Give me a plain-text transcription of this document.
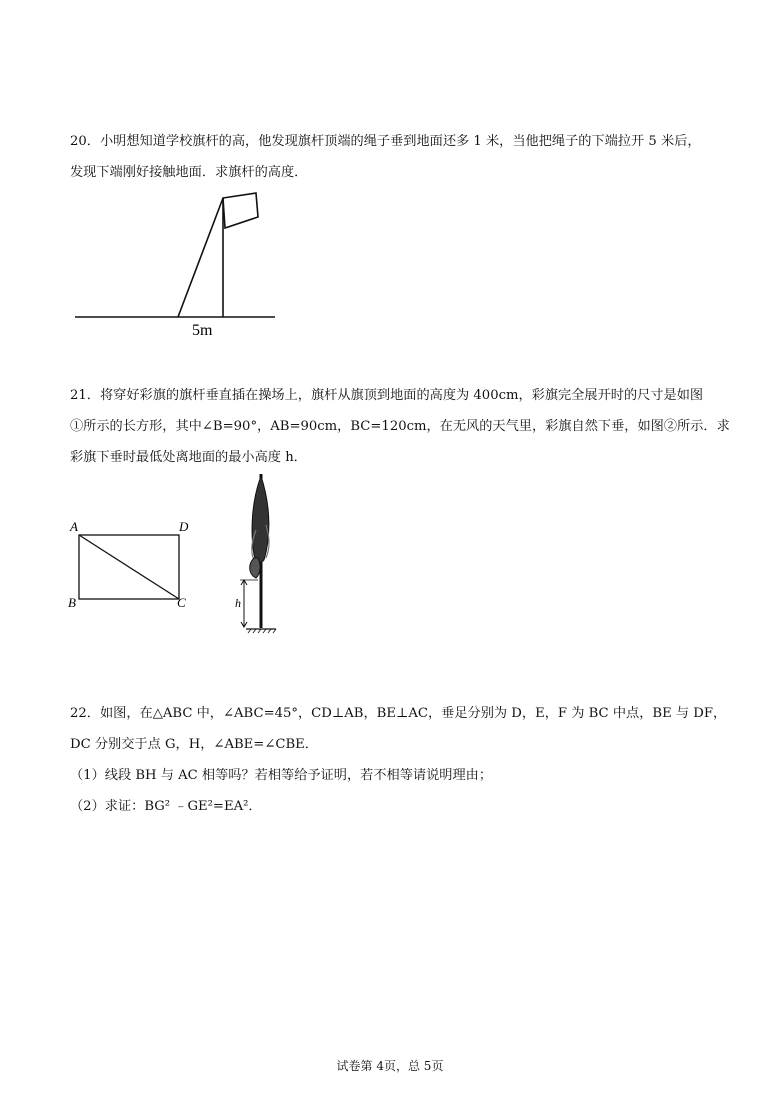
20．小明想知道学校旗杆的高，他发现旗杆顶端的绳子垂到地面还多 1 米，当他把绳子的下端拉开 5 米后，
发现下端刚好接触地面．求旗杆的高度．
5m
21．将穿好彩旗的旗杆垂直插在操场上，旗杆从旗顶到地面的高度为 400cm，彩旗完全展开时的尺寸是如图
①所示的长方形，其中∠B=90°，AB=90cm，BC=120cm，在无风的天气里，彩旗自然下垂，如图②所示．求
彩旗下垂时最低处离地面的最小高度 h．
A	D
B	C	h
22．如图，在△ABC 中，∠ABC=45°，CD⊥AB，BE⊥AC，垂足分别为 D，E，F 为 BC 中点，BE 与 DF，
DC 分别交于点 G，H，∠ABE=∠CBE．
（1）线段 BH 与 AC 相等吗？若相等给予证明，若不相等请说明理由；
（2）求证：BG² ﹣GE²=EA²．
试卷第 4页，总 5页
